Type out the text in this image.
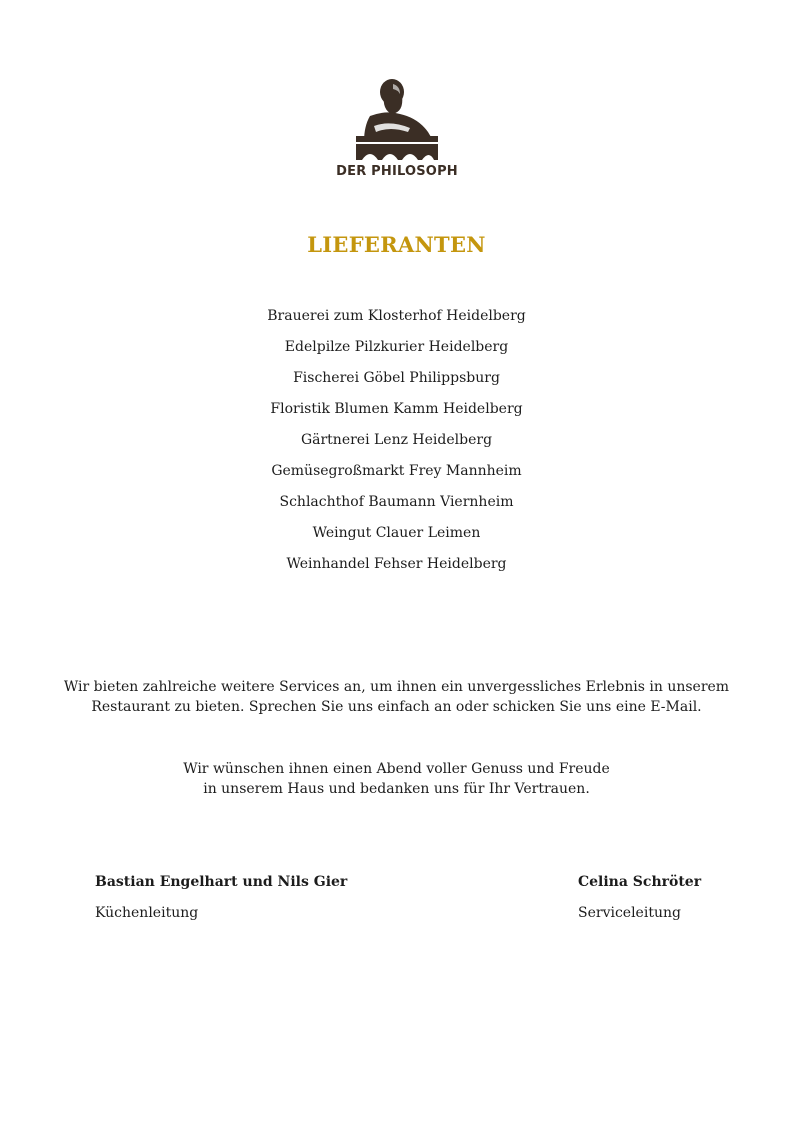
DER PHILOSOPH
LIEFERANTEN
Brauerei zum Klosterhof Heidelberg
Edelpilze Pilzkurier Heidelberg
Fischerei Göbel Philippsburg
Floristik Blumen Kamm Heidelberg
Gärtnerei Lenz Heidelberg
Gemüsegroßmarkt Frey Mannheim
Schlachthof Baumann Viernheim
Weingut Clauer Leimen
Weinhandel Fehser Heidelberg
Wir bieten zahlreiche weitere Services an, um ihnen ein unvergessliches Erlebnis in unserem
Restaurant zu bieten. Sprechen Sie uns einfach an oder schicken Sie uns eine E-Mail.
Wir wünschen ihnen einen Abend voller Genuss und Freude
in unserem Haus und bedanken uns für Ihr Vertrauen.
Bastian Engelhart und Nils Gier
Küchenleitung
Celina Schröter
Serviceleitung
